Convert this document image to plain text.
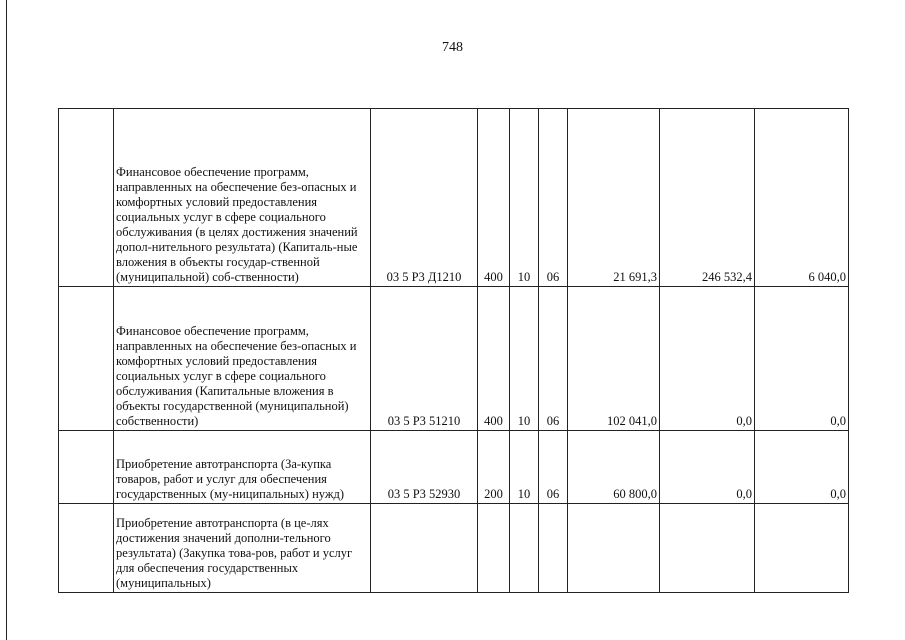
748
	Финансовое обеспечение программ, направленных на обеспечение без-опасных и комфортных условий предоставления социальных услуг в сфере социального обслуживания (в целях достижения значений допол-нительного результата) (Капиталь-ные вложения в объекты государ-ственной (муниципальной) соб-ственности)	03 5 Р3 Д1210	400	10	06	21 691,3	246 532,4	6 040,0
	Финансовое обеспечение программ, направленных на обеспечение без-опасных и комфортных условий предоставления социальных услуг в сфере социального обслуживания (Капитальные вложения в объекты государственной (муниципальной) собственности)	03 5 Р3 51210	400	10	06	102 041,0	0,0	0,0
	Приобретение автотранспорта (За-купка товаров, работ и услуг для обеспечения государственных (му-ниципальных) нужд)	03 5 Р3 52930	200	10	06	60 800,0	0,0	0,0
	Приобретение автотранспорта (в це-лях достижения значений дополни-тельного результата) (Закупка това-ров, работ и услуг для обеспечения государственных (муниципальных)							
